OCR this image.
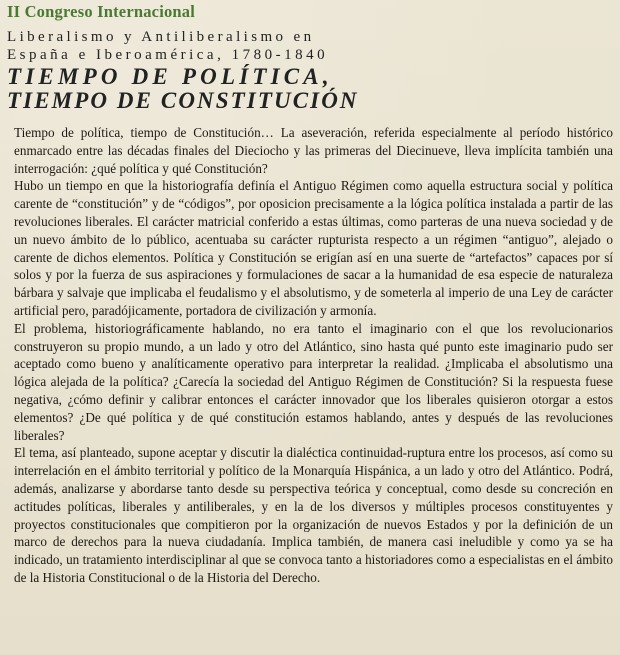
II Congreso Internacional
Liberalismo y Antiliberalismo en
España e Iberoamérica, 1780-1840
TIEMPO DE POLÍTICA,
TIEMPO DE CONSTITUCIÓN

Tiempo de política, tiempo de Constitución… La aseveración, referida especialmente al período histórico enmarcado entre las décadas finales del Dieciocho y las primeras del Diecinueve, lleva implícita también una interrogación: ¿qué política y qué Constitución?

Hubo un tiempo en que la historiografía definía el Antiguo Régimen como aquella estructura social y política carente de “constitución” y de “códigos”, por oposicion precisamente a la lógica política instalada a partir de las revoluciones liberales. El carácter matricial conferido a estas últimas, como parteras de una nueva sociedad y de un nuevo ámbito de lo público, acentuaba su carácter rupturista respecto a un régimen “antiguo”, alejado o carente de dichos elementos. Política y Constitución se erigían así en una suerte de “artefactos” capaces por sí solos y por la fuerza de sus aspiraciones y formulaciones de sacar a la humanidad de esa especie de naturaleza bárbara y salvaje que implicaba el feudalismo y el absolutismo, y de someterla al imperio de una Ley de carácter artificial pero, paradójicamente, portadora de civilización y armonía.

El problema, historiográficamente hablando, no era tanto el imaginario con el que los revolucionarios construyeron su propio mundo, a un lado y otro del Atlántico, sino hasta qué punto este imaginario pudo ser aceptado como bueno y analíticamente operativo para interpretar la realidad. ¿Implicaba el absolutismo una lógica alejada de la política? ¿Carecía la sociedad del Antiguo Régimen de Constitución? Si la respuesta fuese negativa, ¿cómo definir y calibrar entonces el carácter innovador que los liberales quisieron otorgar a estos elementos? ¿De qué política y de qué constitución estamos hablando, antes y después de las revoluciones liberales?

El tema, así planteado, supone aceptar y discutir la dialéctica continuidad-ruptura entre los procesos, así como su interrelación en el ámbito territorial y político de la Monarquía Hispánica, a un lado y otro del Atlántico. Podrá, además, analizarse y abordarse tanto desde su perspectiva teórica y conceptual, como desde su concreción en actitudes políticas, liberales y antiliberales, y en la de los diversos y múltiples procesos constituyentes y proyectos constitucionales que compitieron por la organización de nuevos Estados y por la definición de un marco de derechos para la nueva ciudadanía. Implica también, de manera casi ineludible y como ya se ha indicado, un tratamiento interdisciplinar al que se convoca tanto a historiadores como a especialistas en el ámbito de la Historia Constitucional o de la Historia del Derecho.
